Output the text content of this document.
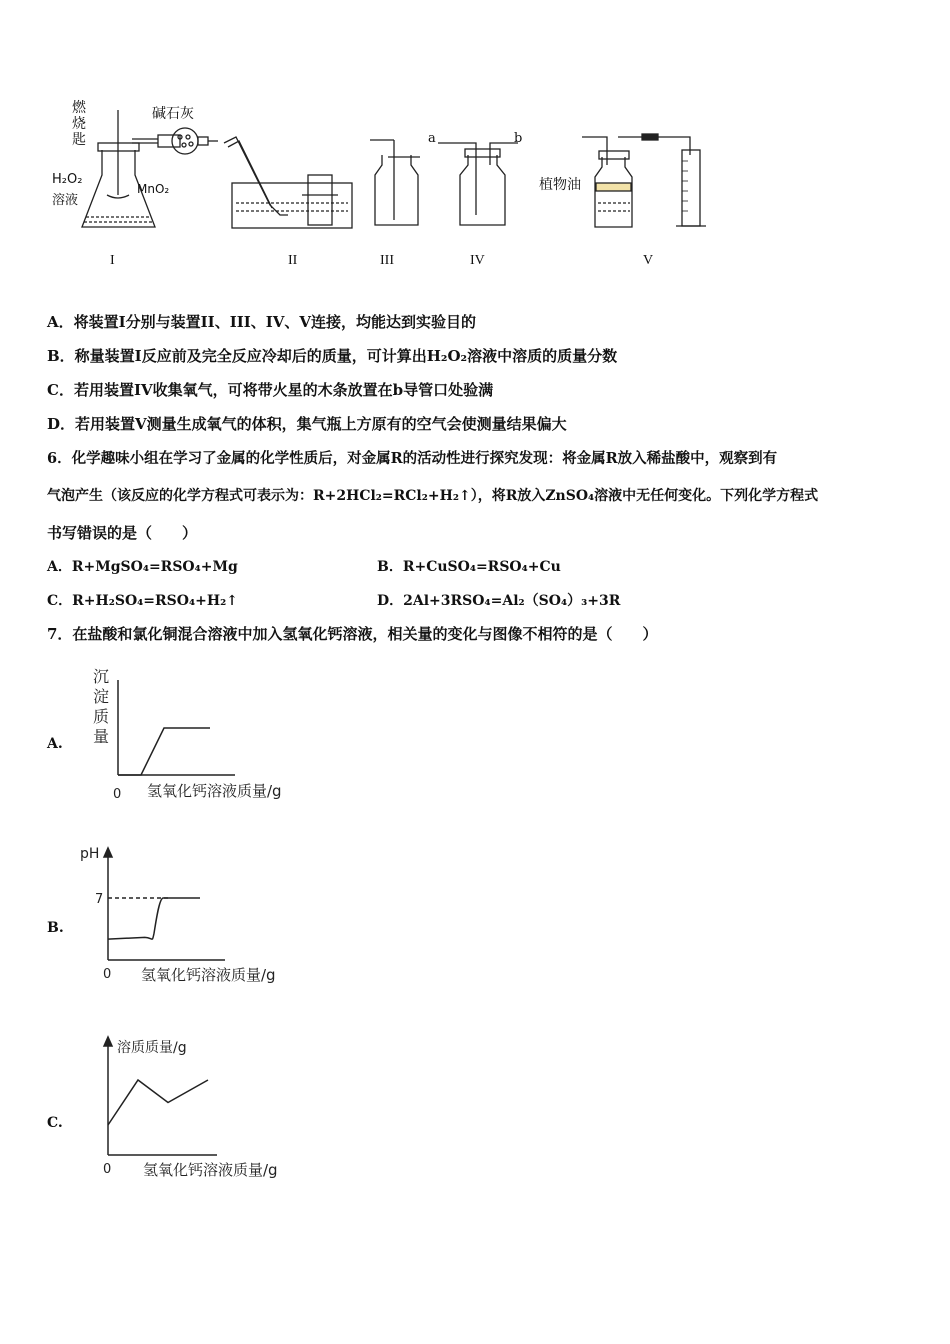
燃烧匙
碱石灰
H₂O₂
溶液
MnO₂
a	b
植物油
I	II	III	IV	V
A．将装置I分别与装置II、III、IV、V连接，均能达到实验目的
B．称量装置I反应前及完全反应冷却后的质量，可计算出H₂O₂溶液中溶质的质量分数
C．若用装置IV收集氧气，可将带火星的木条放置在b导管口处验满
D．若用装置V测量生成氧气的体积，集气瓶上方原有的空气会使测量结果偏大
6．化学趣味小组在学习了金属的化学性质后，对金属R的活动性进行探究发现：将金属R放入稀盐酸中，观察到有
气泡产生（该反应的化学方程式可表示为：R+2HCl₂=RCl₂+H₂↑），将R放入ZnSO₄溶液中无任何变化。下列化学方程式
书写错误的是（　　）
A．R+MgSO₄=RSO₄+Mg	B．R+CuSO₄=RSO₄+Cu
C．R+H₂SO₄=RSO₄+H₂↑	D．2Al+3RSO₄=Al₂（SO₄）₃+3R
7．在盐酸和氯化铜混合溶液中加入氢氧化钙溶液，相关量的变化与图像不相符的是（　　）
A.
B.
C.
沉
淀
质
量
0 氢氧化钙溶液质量/g
pH
7
0 氢氧化钙溶液质量/g
溶质质量/g
0 氢氧化钙溶液质量/g
